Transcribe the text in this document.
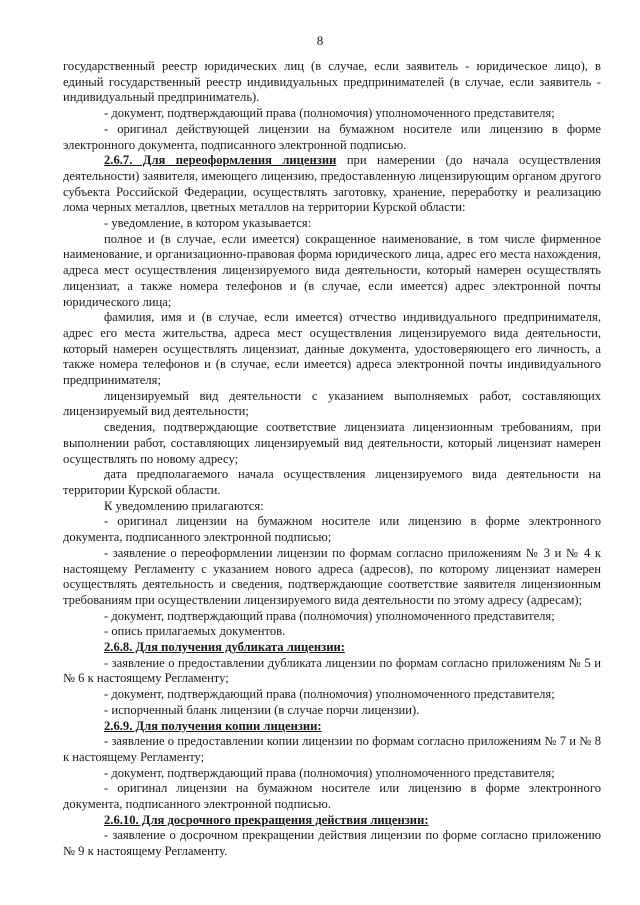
8

государственный реестр юридических лиц (в случае, если заявитель - юридическое лицо), в единый государственный реестр индивидуальных предпринимателей (в случае, если заявитель - индивидуальный предприниматель).

- документ, подтверждающий права (полномочия) уполномоченного представителя;

- оригинал действующей лицензии на бумажном носителе или лицензию в форме электронного документа, подписанного электронной подписью.

2.6.7. Для переоформления лицензии при намерении (до начала осуществления деятельности) заявителя, имеющего лицензию, предоставленную лицензирующим органом другого субъекта Российской Федерации, осуществлять заготовку, хранение, переработку и реализацию лома черных металлов, цветных металлов на территории Курской области:

- уведомление, в котором указывается:

полное и (в случае, если имеется) сокращенное наименование, в том числе фирменное наименование, и организационно-правовая форма юридического лица, адрес его места нахождения, адреса мест осуществления лицензируемого вида деятельности, который намерен осуществлять лицензиат, а также номера телефонов и (в случае, если имеется) адрес электронной почты юридического лица;

фамилия, имя и (в случае, если имеется) отчество индивидуального предпринимателя, адрес его места жительства, адреса мест осуществления лицензируемого вида деятельности, который намерен осуществлять лицензиат, данные документа, удостоверяющего его личность, а также номера телефонов и (в случае, если имеется) адреса электронной почты индивидуального предпринимателя;

лицензируемый вид деятельности с указанием выполняемых работ, составляющих лицензируемый вид деятельности;

сведения, подтверждающие соответствие лицензиата лицензионным требованиям, при выполнении работ, составляющих лицензируемый вид деятельности, который лицензиат намерен осуществлять по новому адресу;

дата предполагаемого начала осуществления лицензируемого вида деятельности на территории Курской области.

К уведомлению прилагаются:

- оригинал лицензии на бумажном носителе или лицензию в форме электронного документа, подписанного электронной подписью;

- заявление о переоформлении лицензии по формам согласно приложениям № 3 и № 4 к настоящему Регламенту с указанием нового адреса (адресов), по которому лицензиат намерен осуществлять деятельность и сведения, подтверждающие соответствие заявителя лицензионным требованиям при осуществлении лицензируемого вида деятельности по этому адресу (адресам);

- документ, подтверждающий права (полномочия) уполномоченного представителя;

- опись прилагаемых документов.

2.6.8. Для получения дубликата лицензии:

- заявление о предоставлении дубликата лицензии по формам согласно приложениям № 5 и № 6 к настоящему Регламенту;

- документ, подтверждающий права (полномочия) уполномоченного представителя;

- испорченный бланк лицензии (в случае порчи лицензии).

2.6.9. Для получения копии лицензии:

- заявление о предоставлении копии лицензии по формам согласно приложениям № 7 и № 8 к настоящему Регламенту;

- документ, подтверждающий права (полномочия) уполномоченного представителя;

- оригинал лицензии на бумажном носителе или лицензию в форме электронного документа, подписанного электронной подписью.

2.6.10. Для досрочного прекращения действия лицензии:

- заявление о досрочном прекращении действия лицензии по форме согласно приложению № 9 к настоящему Регламенту.
